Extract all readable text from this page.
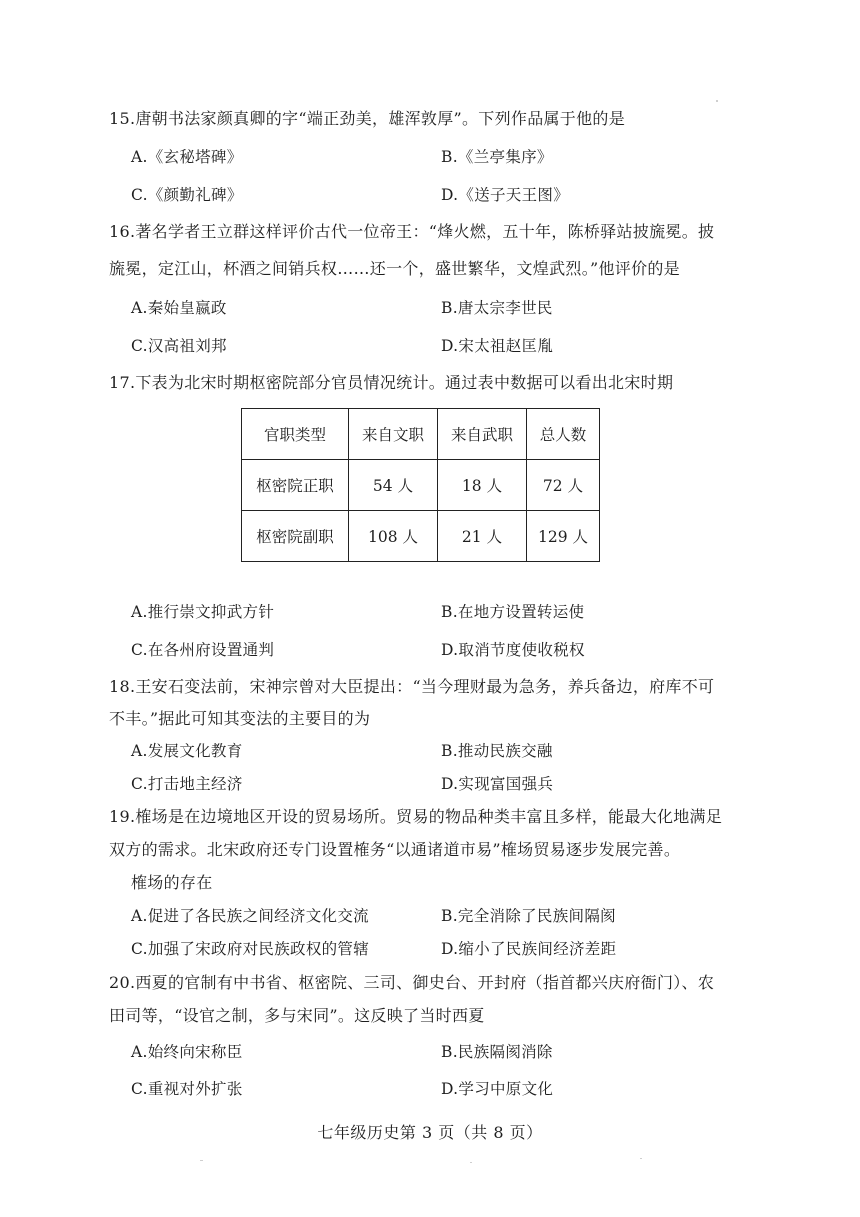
15.唐朝书法家颜真卿的字“端正劲美，雄浑敦厚”。下列作品属于他的是
A.《玄秘塔碑》	B.《兰亭集序》
C.《颜勤礼碑》	D.《送子天王图》
16.著名学者王立群这样评价古代一位帝王：“烽火燃，五十年，陈桥驿站披旒冕。披
旒冕，定江山，杯酒之间销兵权……还一个，盛世繁华，文煌武烈。”他评价的是
A.秦始皇嬴政	B.唐太宗李世民
C.汉高祖刘邦	D.宋太祖赵匡胤
17.下表为北宋时期枢密院部分官员情况统计。通过表中数据可以看出北宋时期
官职类型	来自文职	来自武职	总人数
枢密院正职	54 人	18 人	72 人
枢密院副职	108 人	21 人	129 人
A.推行崇文抑武方针	B.在地方设置转运使
C.在各州府设置通判	D.取消节度使收税权
18.王安石变法前，宋神宗曾对大臣提出：“当今理财最为急务，养兵备边，府库不可
不丰。”据此可知其变法的主要目的为
A.发展文化教育	B.推动民族交融
C.打击地主经济	D.实现富国强兵
19.榷场是在边境地区开设的贸易场所。贸易的物品种类丰富且多样，能最大化地满足
双方的需求。北宋政府还专门设置榷务“以通诸道市易”榷场贸易逐步发展完善。
榷场的存在
A.促进了各民族之间经济文化交流	B.完全消除了民族间隔阂
C.加强了宋政府对民族政权的管辖	D.缩小了民族间经济差距
20.西夏的官制有中书省、枢密院、三司、御史台、开封府（指首都兴庆府衙门）、农
田司等，“设官之制，多与宋同”。这反映了当时西夏
A.始终向宋称臣	B.民族隔阂消除
C.重视对外扩张	D.学习中原文化
七年级历史第 3 页（共 8 页）
